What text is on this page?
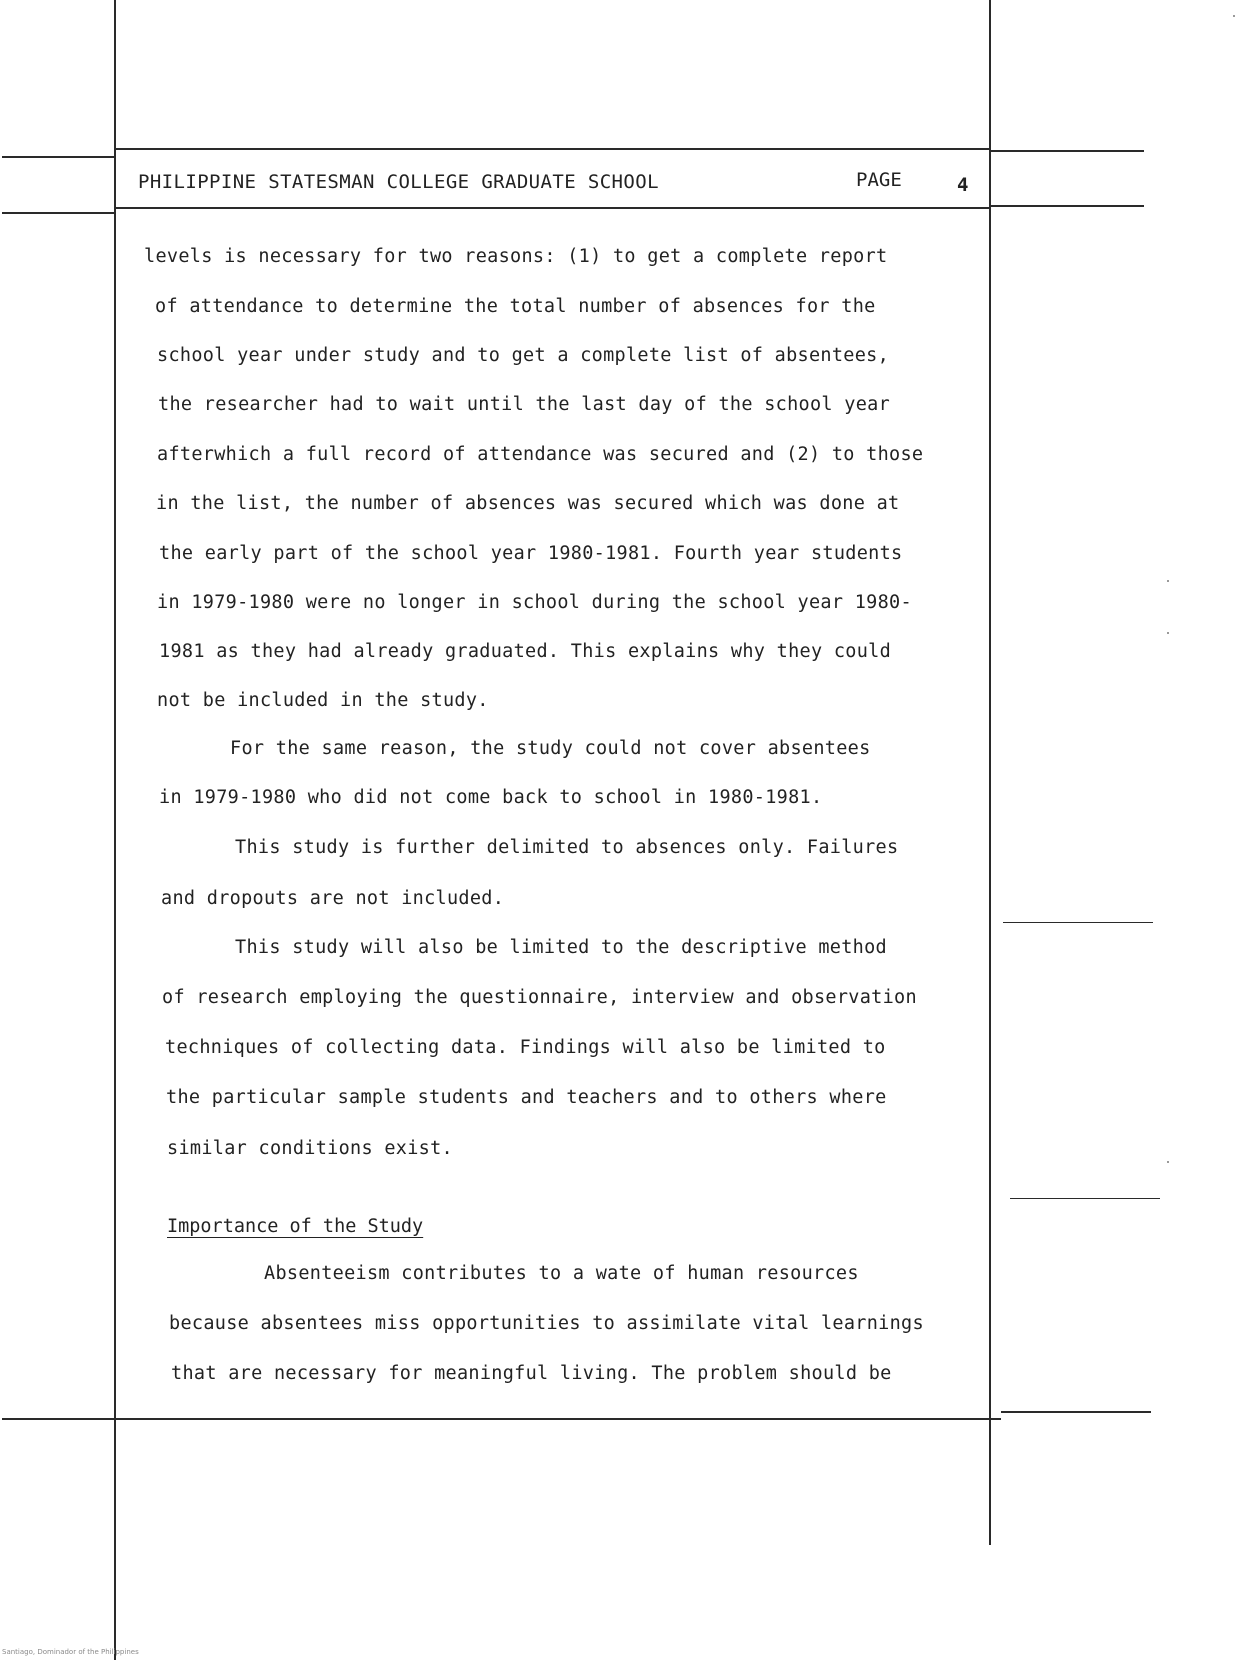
PHILIPPINE STATESMAN COLLEGE GRADUATE SCHOOL	PAGE	4
levels is necessary for two reasons: (1) to get a complete report
of attendance to determine the total number of absences for the
school year under study and to get a complete list of absentees,
the researcher had to wait until the last day of the school year
afterwhich a full record of attendance was secured and (2) to those
in the list, the number of absences was secured which was done at
the early part of the school year 1980-1981. Fourth year students
in 1979-1980 were no longer in school during the school year 1980-
1981 as they had already graduated. This explains why they could
not be included in the study.
For the same reason, the study could not cover absentees
in 1979-1980 who did not come back to school in 1980-1981.
This study is further delimited to absences only. Failures
and dropouts are not included.
This study will also be limited to the descriptive method
of research employing the questionnaire, interview and observation
techniques of collecting data. Findings will also be limited to
the particular sample students and teachers and to others where
similar conditions exist.
Importance of the Study
Absenteeism contributes to a wate of human resources
because absentees miss opportunities to assimilate vital learnings
that are necessary for meaningful living. The problem should be
Santiago, Dominador of the Philippines
